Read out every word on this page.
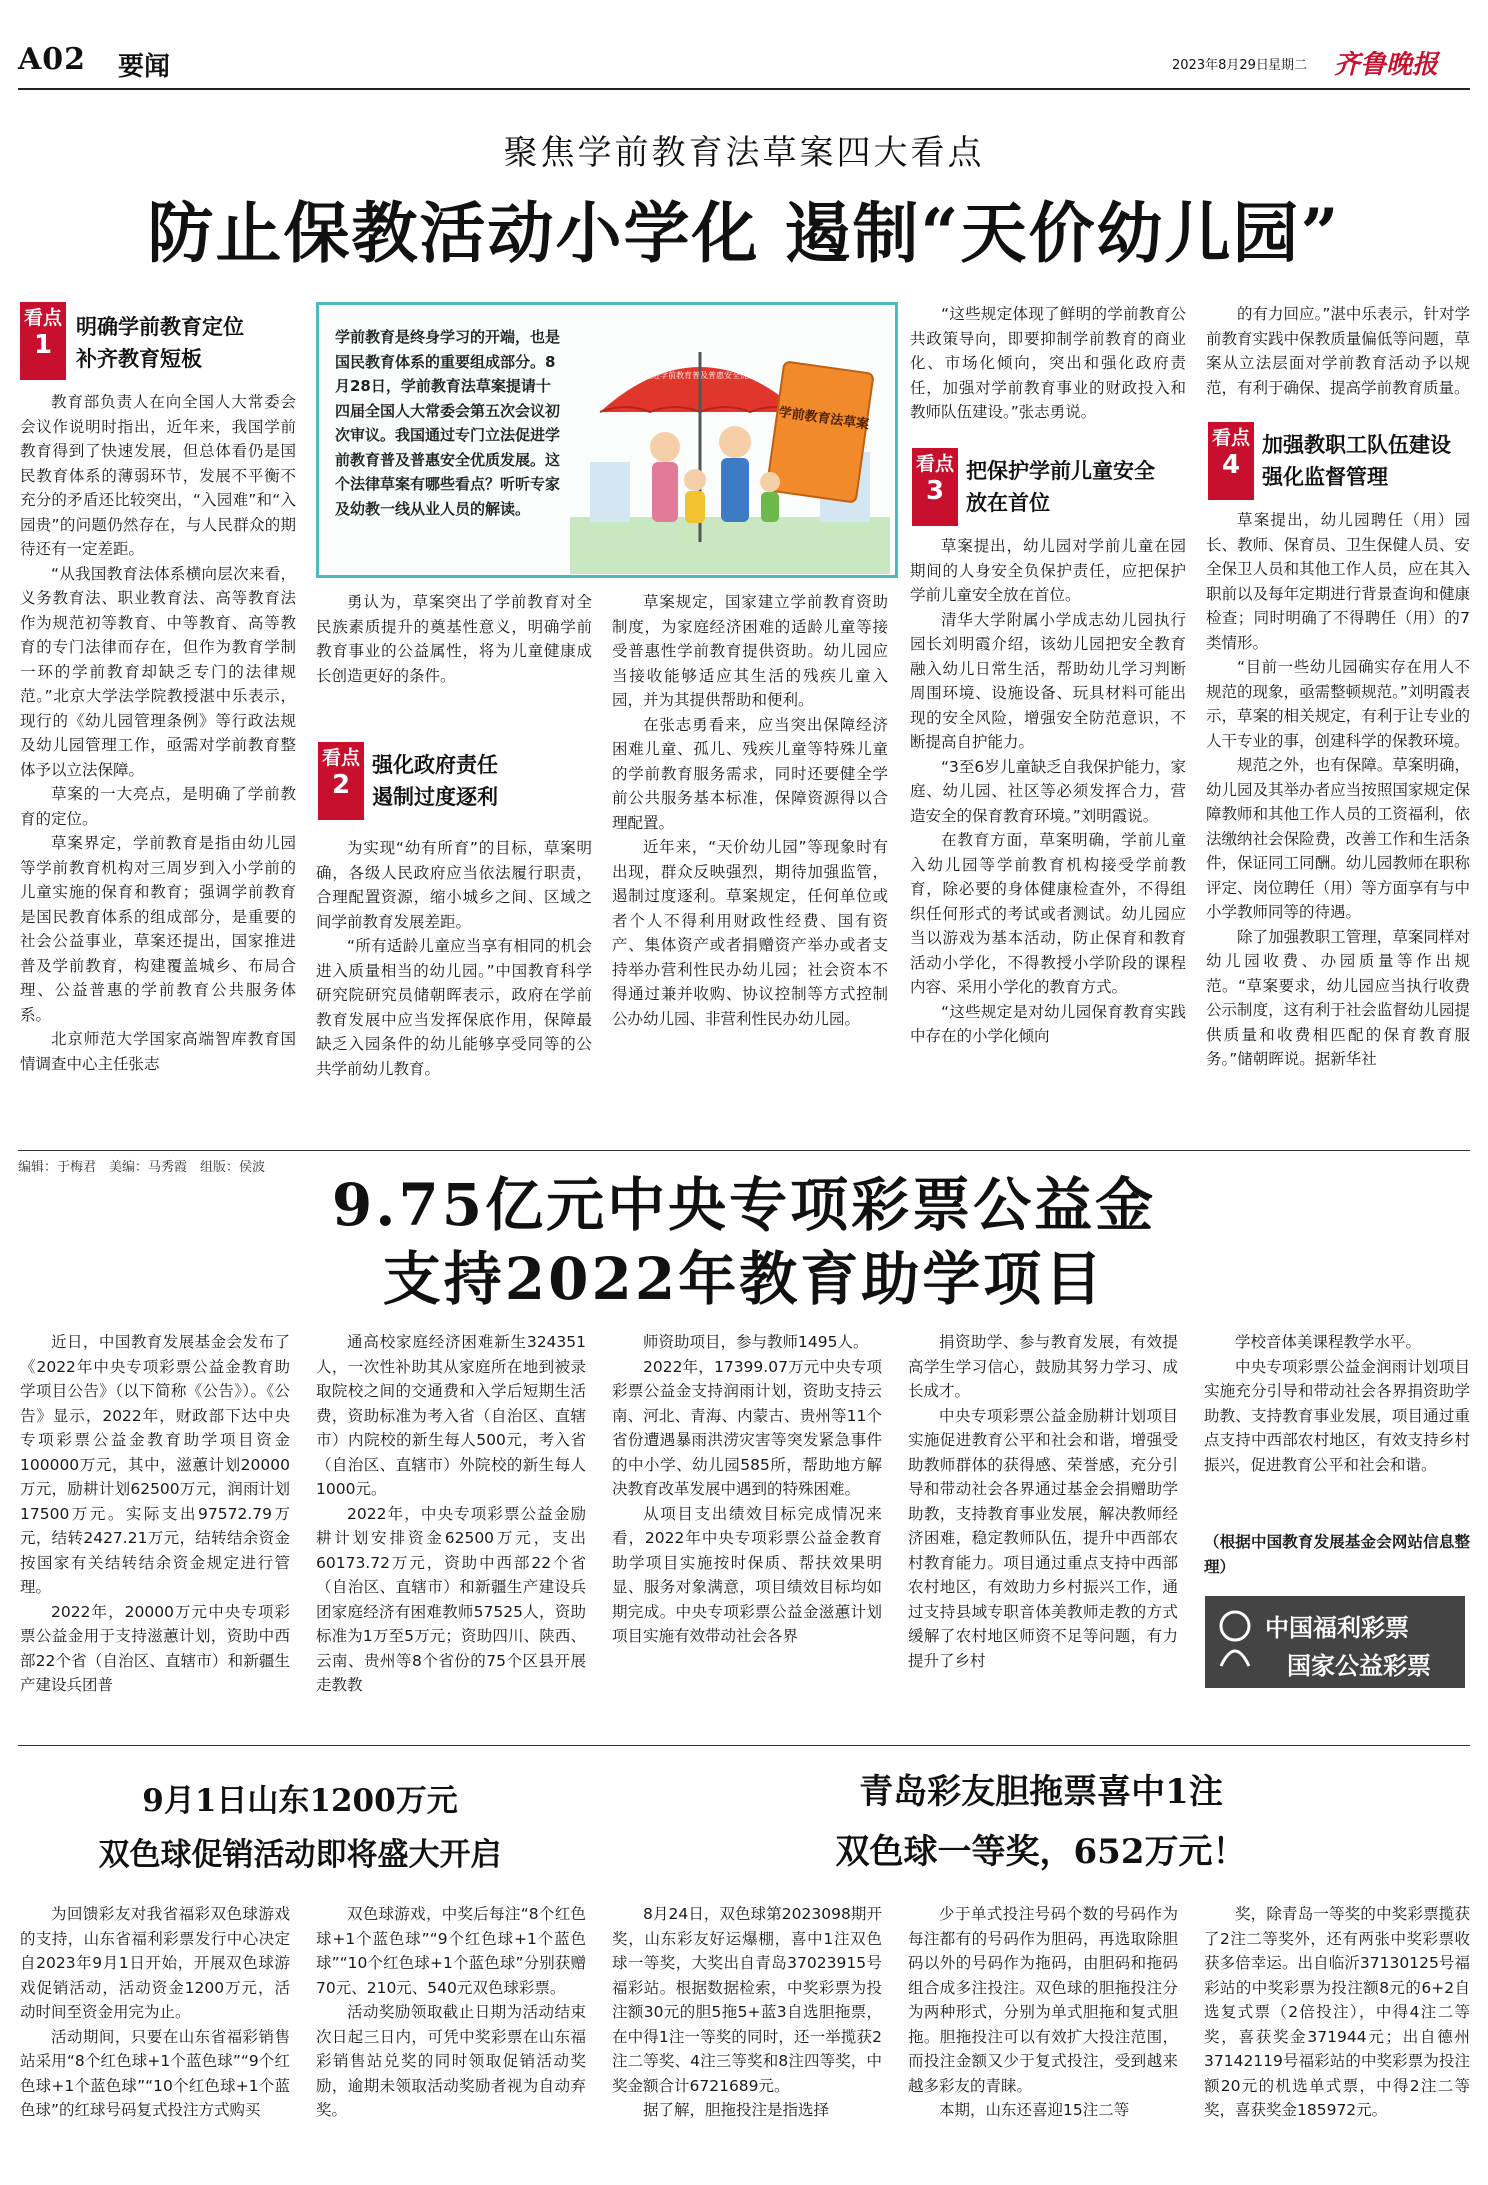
A02 要闻	2023年8月29日 星期二 齐鲁晚报
聚焦学前教育法草案四大看点
防止保教活动小学化 遏制“天价幼儿园”
看点
1
明确学前教育定位
补齐教育短板

教育部负责人在向全国人大常委会会议作说明时指出，近年来，我国学前教育得到了快速发展，但总体看仍是国民教育体系的薄弱环节，发展不平衡不充分的矛盾还比较突出，“入园难”和“入园贵”的问题仍然存在，与人民群众的期待还有一定差距。

“从我国教育法体系横向层次来看，义务教育法、职业教育法、高等教育法作为规范初等教育、中等教育、高等教育的专门法律而存在，但作为教育学制一环的学前教育却缺乏专门的法律规范。”北京大学法学院教授湛中乐表示，现行的《幼儿园管理条例》等行政法规及幼儿园管理工作，亟需对学前教育整体予以立法保障。

草案的一大亮点，是明确了学前教育的定位。

草案界定，学前教育是指由幼儿园等学前教育机构对三周岁到入小学前的儿童实施的保育和教育；强调学前教育是国民教育体系的组成部分，是重要的社会公益事业，草案还提出，国家推进普及学前教育，构建覆盖城乡、布局合理、公益普惠的学前教育公共服务体系。

北京师范大学国家高端智库教育国情调查中心主任张志

学前教育是终身学习的开端，也是国民教育体系的重要组成部分。8月28日，学前教育法草案提请十四届全国人大常委会第五次会议初次审议。我国通过专门立法促进学前教育普及普惠安全优质发展。这个法律草案有哪些看点？听听专家及幼教一线从业人员的解读。
学前教育法草案
立法促进学前教育普及普惠安全优质发展

勇认为，草案突出了学前教育对全民族素质提升的奠基性意义，明确学前教育事业的公益属性，将为儿童健康成长创造更好的条件。

看点
2
强化政府责任
遏制过度逐利

为实现“幼有所育”的目标，草案明确，各级人民政府应当依法履行职责，合理配置资源，缩小城乡之间、区域之间学前教育发展差距。

“所有适龄儿童应当享有相同的机会进入质量相当的幼儿园。”中国教育科学研究院研究员储朝晖表示，政府在学前教育发展中应当发挥保底作用，保障最缺乏入园条件的幼儿能够享受同等的公共学前幼儿教育。

草案规定，国家建立学前教育资助制度，为家庭经济困难的适龄儿童等接受普惠性学前教育提供资助。幼儿园应当接收能够适应其生活的残疾儿童入园，并为其提供帮助和便利。

在张志勇看来，应当突出保障经济困难儿童、孤儿、残疾儿童等特殊儿童的学前教育服务需求，同时还要健全学前公共服务基本标准，保障资源得以合理配置。

近年来，“天价幼儿园”等现象时有出现，群众反映强烈，期待加强监管，遏制过度逐利。草案规定，任何单位或者个人不得利用财政性经费、国有资产、集体资产或者捐赠资产举办或者支持举办营利性民办幼儿园；社会资本不得通过兼并收购、协议控制等方式控制公办幼儿园、非营利性民办幼儿园。

“这些规定体现了鲜明的学前教育公共政策导向，即要抑制学前教育的商业化、市场化倾向，突出和强化政府责任，加强对学前教育事业的财政投入和教师队伍建设。”张志勇说。

看点
3
把保护学前儿童安全
放在首位

草案提出，幼儿园对学前儿童在园期间的人身安全负保护责任，应把保护学前儿童安全放在首位。

清华大学附属小学成志幼儿园执行园长刘明霞介绍，该幼儿园把安全教育融入幼儿日常生活，帮助幼儿学习判断周围环境、设施设备、玩具材料可能出现的安全风险，增强安全防范意识，不断提高自护能力。

“3至6岁儿童缺乏自我保护能力，家庭、幼儿园、社区等必须发挥合力，营造安全的保育教育环境。”刘明霞说。

在教育方面，草案明确，学前儿童入幼儿园等学前教育机构接受学前教育，除必要的身体健康检查外，不得组织任何形式的考试或者测试。幼儿园应当以游戏为基本活动，防止保育和教育活动小学化，不得教授小学阶段的课程内容、采用小学化的教育方式。

“这些规定是对幼儿园保育教育实践中存在的小学化倾向

的有力回应。”湛中乐表示，针对学前教育实践中保教质量偏低等问题，草案从立法层面对学前教育活动予以规范，有利于确保、提高学前教育质量。

看点
4
加强教职工队伍建设
强化监督管理

草案提出，幼儿园聘任（用）园长、教师、保育员、卫生保健人员、安全保卫人员和其他工作人员，应在其入职前以及每年定期进行背景查询和健康检查；同时明确了不得聘任（用）的7类情形。

“目前一些幼儿园确实存在用人不规范的现象，亟需整顿规范。”刘明霞表示，草案的相关规定，有利于让专业的人干专业的事，创建科学的保教环境。

规范之外，也有保障。草案明确，幼儿园及其举办者应当按照国家规定保障教师和其他工作人员的工资福利，依法缴纳社会保险费，改善工作和生活条件，保证同工同酬。幼儿园教师在职称评定、岗位聘任（用）等方面享有与中小学教师同等的待遇。

除了加强教职工管理，草案同样对幼儿园收费、办园质量等作出规范。“草案要求，幼儿园应当执行收费公示制度，这有利于社会监督幼儿园提供质量和收费相匹配的保育教育服务。”储朝晖说。据新华社

编辑：于梅君　美编：马秀霞　组版：侯波
9.75亿元中央专项彩票公益金
支持2022年教育助学项目

近日，中国教育发展基金会发布了《2022年中央专项彩票公益金教育助学项目公告》（以下简称《公告》）。《公告》显示，2022年，财政部下达中央专项彩票公益金教育助学项目资金100000万元，其中，滋蕙计划20000万元，励耕计划62500万元，润雨计划17500万元。实际支出97572.79万元，结转2427.21万元，结转结余资金按国家有关结转结余资金规定进行管理。

2022年，20000万元中央专项彩票公益金用于支持滋蕙计划，资助中西部22个省（自治区、直辖市）和新疆生产建设兵团普

通高校家庭经济困难新生324351人，一次性补助其从家庭所在地到被录取院校之间的交通费和入学后短期生活费，资助标准为考入省（自治区、直辖市）内院校的新生每人500元，考入省（自治区、直辖市）外院校的新生每人1000元。

2022年，中央专项彩票公益金励耕计划安排资金62500万元，支出60173.72万元，资助中西部22个省（自治区、直辖市）和新疆生产建设兵团家庭经济有困难教师57525人，资助标准为1万至5万元；资助四川、陕西、云南、贵州等8个省份的75个区县开展走教教

师资助项目，参与教师1495人。

2022年，17399.07万元中央专项彩票公益金支持润雨计划，资助支持云南、河北、青海、内蒙古、贵州等11个省份遭遇暴雨洪涝灾害等突发紧急事件的中小学、幼儿园585所，帮助地方解决教育改革发展中遇到的特殊困难。

从项目支出绩效目标完成情况来看，2022年中央专项彩票公益金教育助学项目实施按时保质、帮扶效果明显、服务对象满意，项目绩效目标均如期完成。中央专项彩票公益金滋蕙计划项目实施有效带动社会各界

捐资助学、参与教育发展，有效提高学生学习信心，鼓励其努力学习、成长成才。

中央专项彩票公益金励耕计划项目实施促进教育公平和社会和谐，增强受助教师群体的获得感、荣誉感，充分引导和带动社会各界通过基金会捐赠助学助教，支持教育事业发展，解决教师经济困难，稳定教师队伍，提升中西部农村教育能力。项目通过重点支持中西部农村地区，有效助力乡村振兴工作，通过支持县域专职音体美教师走教的方式缓解了农村地区师资不足等问题，有力提升了乡村

学校音体美课程教学水平。

中央专项彩票公益金润雨计划项目实施充分引导和带动社会各界捐资助学助教、支持教育事业发展，项目通过重点支持中西部农村地区，有效支持乡村振兴，促进教育公平和社会和谐。

（根据中国教育发展基金会网站信息整理）
中国福利彩票
国家公益彩票
9月1日山东1200万元
双色球促销活动即将盛大开启

为回馈彩友对我省福彩双色球游戏的支持，山东省福利彩票发行中心决定自2023年9月1日开始，开展双色球游戏促销活动，活动资金1200万元，活动时间至资金用完为止。

活动期间，只要在山东省福彩销售站采用“8个红色球+1个蓝色球”“9个红色球+1个蓝色球”“10个红色球+1个蓝色球”的红球号码复式投注方式购买

双色球游戏，中奖后每注“8个红色球+1个蓝色球”“9个红色球+1个蓝色球”“10个红色球+1个蓝色球”分别获赠70元、210元、540元双色球彩票。

活动奖励领取截止日期为活动结束次日起三日内，可凭中奖彩票在山东福彩销售站兑奖的同时领取促销活动奖励，逾期未领取活动奖励者视为自动弃奖。

青岛彩友胆拖票喜中1注
双色球一等奖，652万元！

8月24日，双色球第2023098期开奖，山东彩友好运爆棚，喜中1注双色球一等奖，大奖出自青岛37023915号福彩站。根据数据检索，中奖彩票为投注额30元的胆5拖5+蓝3自选胆拖票，在中得1注一等奖的同时，还一举揽获2注二等奖、4注三等奖和8注四等奖，中奖金额合计6721689元。

据了解，胆拖投注是指选择

少于单式投注号码个数的号码作为每注都有的号码作为胆码，再选取除胆码以外的号码作为拖码，由胆码和拖码组合成多注投注。双色球的胆拖投注分为两种形式，分别为单式胆拖和复式胆拖。胆拖投注可以有效扩大投注范围，而投注金额又少于复式投注，受到越来越多彩友的青睐。

本期，山东还喜迎15注二等

奖，除青岛一等奖的中奖彩票揽获了2注二等奖外，还有两张中奖彩票收获多倍幸运。出自临沂37130125号福彩站的中奖彩票为投注额8元的6+2自选复式票（2倍投注），中得4注二等奖，喜获奖金371944元；出自德州37142119号福彩站的中奖彩票为投注额20元的机选单式票，中得2注二等奖，喜获奖金185972元。
